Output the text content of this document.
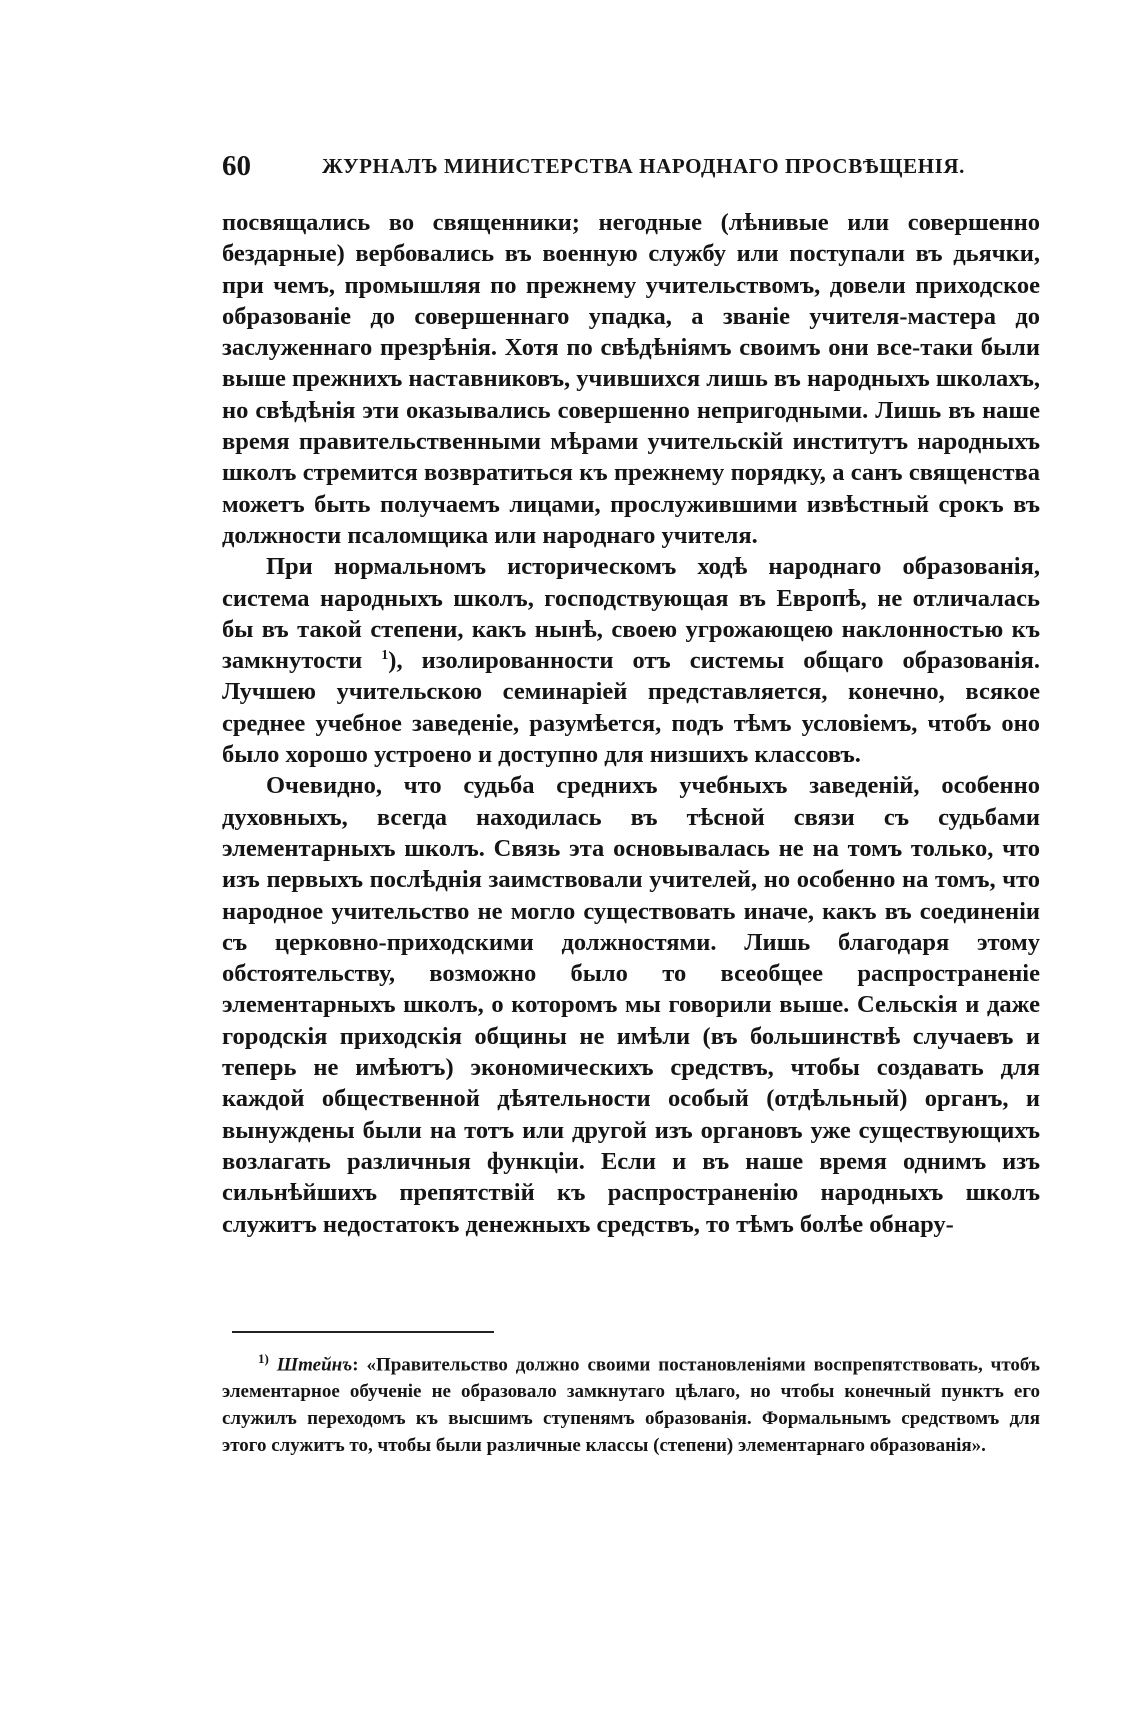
60	ЖУРНАЛЪ МИНИСТЕРСТВА НАРОДНАГО ПРОСВѢЩЕНІЯ.

посвящались во священники; негодные (лѣнивые или совершенно бездарные) вербовались въ военную службу или поступали въ дьячки, при чемъ, промышляя по прежнему учительствомъ, довели приходское образованіе до совершеннаго упадка, а званіе учителя-мастера до заслуженнаго презрѣнія. Хотя по свѣдѣніямъ своимъ они все-таки были выше прежнихъ наставниковъ, учившихся лишь въ народныхъ школахъ, но свѣдѣнія эти оказывались совершенно непригодными. Лишь въ наше время правительственными мѣрами учительскій институтъ народныхъ школъ стремится возвратиться къ прежнему порядку, а санъ священства можетъ быть получаемъ лицами, прослужившими извѣстный срокъ въ должности псаломщика или народнаго учителя.

При нормальномъ историческомъ ходѣ народнаго образованія, система народныхъ школъ, господствующая въ Европѣ, не отличалась бы въ такой степени, какъ нынѣ, своею угрожающею наклонностью къ замкнутости $^1$), изолированности отъ системы общаго образованія. Лучшею учительскою семинаріей представляется, конечно, всякое среднее учебное заведеніе, разумѣется, подъ тѣмъ условіемъ, чтобъ оно было хорошо устроено и доступно для низшихъ классовъ.

Очевидно, что судьба среднихъ учебныхъ заведеній, особенно духовныхъ, всегда находилась въ тѣсной связи съ судьбами элементарныхъ школъ. Связь эта основывалась не на томъ только, что изъ первыхъ послѣднія заимствовали учителей, но особенно на томъ, что народное учительство не могло существовать иначе, какъ въ соединеніи съ церковно-приходскими должностями. Лишь благодаря этому обстоятельству, возможно было то всеобщее распространеніе элементарныхъ школъ, о которомъ мы говорили выше. Сельскія и даже городскія приходскія общины не имѣли (въ большинствѣ случаевъ и теперь не имѣютъ) экономическихъ средствъ, чтобы создавать для каждой общественной дѣятельности особый (отдѣльный) органъ, и вынуждены были на тотъ или другой изъ органовъ уже существующихъ возлагать различныя функціи. Если и въ наше время однимъ изъ сильнѣйшихъ препятствій къ распространенію народныхъ школъ служитъ недостатокъ денежныхъ средствъ, то тѣмъ болѣе обнару-

$^{1)}$ Штейнъ: «Правительство должно своими постановленіями воспрепятствовать, чтобъ элементарное обученіе не образовало замкнутаго цѣлаго, но чтобы конечный пунктъ его служилъ переходомъ къ высшимъ ступенямъ образованія. Формальнымъ средствомъ для этого служитъ то, чтобы были различные классы (степени) элементарнаго образованія».
